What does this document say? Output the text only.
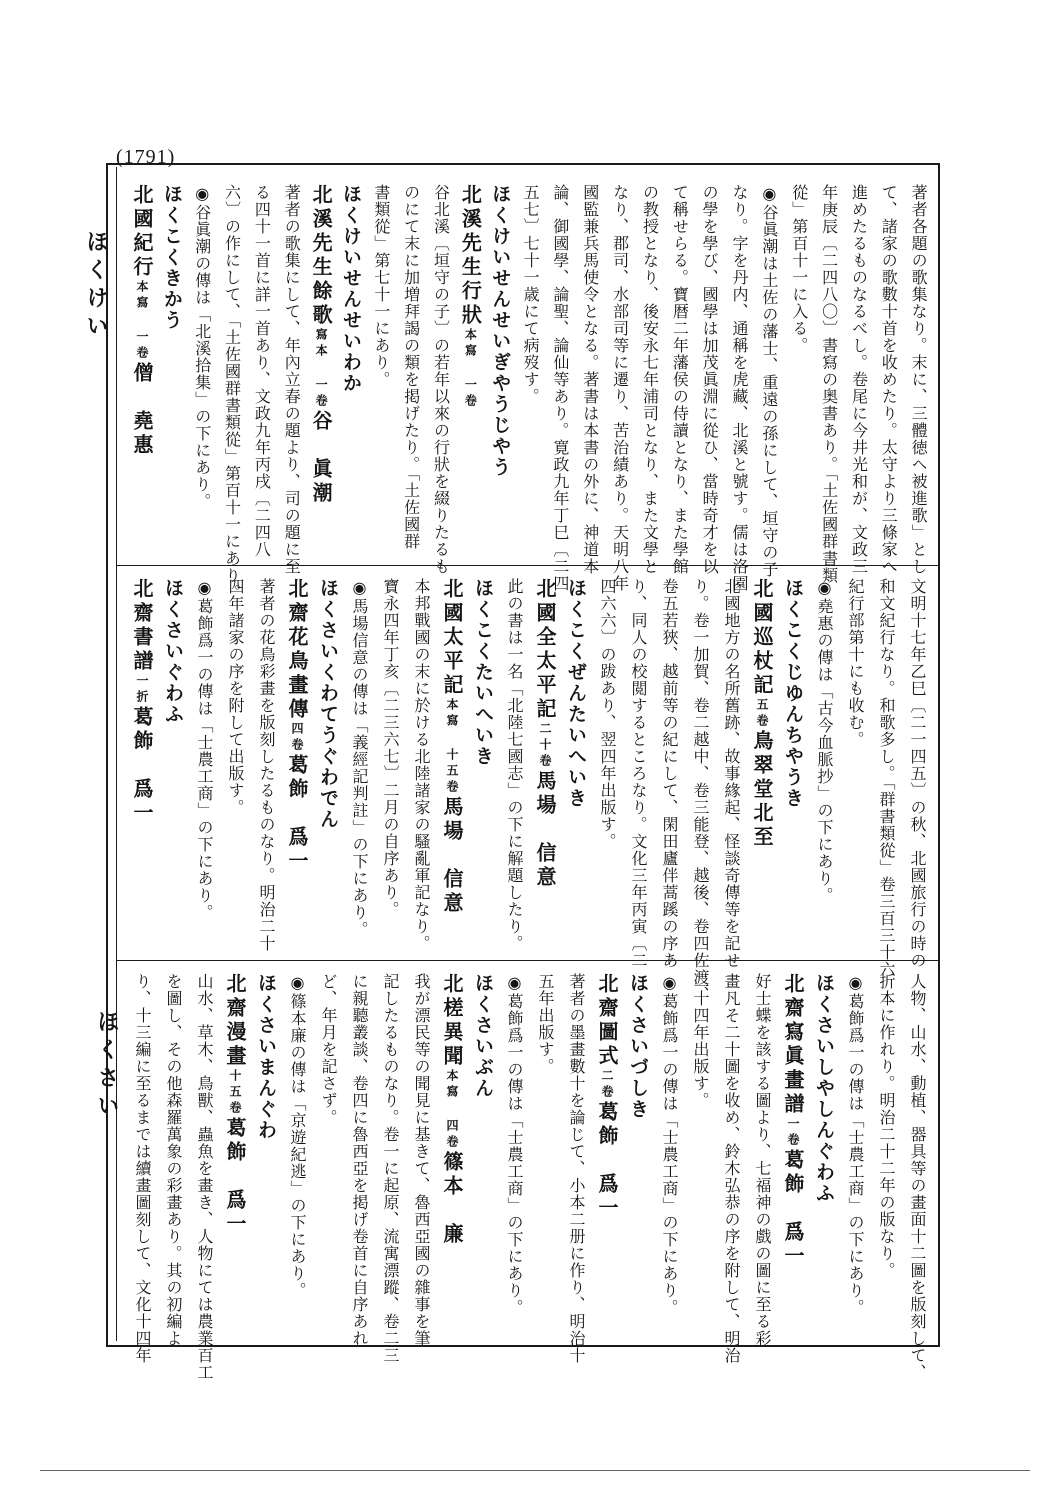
(1791)
ほくけい
ほくさい
著者各題の歌集なり。末に、三體徳ヘ被進歌」とし
て、諸家の歌數十首を收めたり。太守より三條家へ
進めたるものなるべし。卷尾に今井光和が、文政三
年庚辰〔二四八〇〕書寫の奥書あり。「土佐國群書類
從」第百十一に入る。
◉谷眞潮は土佐の藩士、重遠の孫にして、垣守の子
なり。字を丹内、通稱を虎藏、北溪と號す。儒は洛園
の學を學び、國學は加茂眞淵に從ひ、當時奇才を以
て稱せらる。寶暦二年藩侯の侍讀となり、また學館
の教授となり、後安永七年浦司となり、また文學と
なり、郡司、水部司等に遷り、苦治績あり。天明八年
國監兼兵馬使令となる。著書は本書の外に、神道本
論、御國學、論聖、論仙等あり。寛政九年丁巳〔二四
五七〕七十一歳にて病歿す。
ほくけいせんせいぎやうじやう
北溪先生行狀本寫 一卷
谷北溪〔垣守の子〕の若年以來の行狀を綴りたるも
のにて末に加増拜謁の類を掲げたり。「土佐國群
書類從」第七十一にあり。
ほくけいせんせいわか
北溪先生餘歌寫本 一卷谷　眞潮
著者の歌集にして、年內立春の題より、司の題に至
る四十一首に詳一首あり、文政九年丙戌〔二四八
六〕の作にして、「土佐國群書類從」第百十一にあり。
◉谷眞潮の傳は「北溪拾集」の下にあり。
ほくこくきかう
北國紀行本寫 一卷僧　堯惠
文明十七年乙巳〔二一四五〕の秋、北國旅行の時の
和文紀行なり。和歌多し。「群書類從」卷三百三十六
紀行部第十にも收む。
◉堯惠の傳は「古今血脈抄」の下にあり。
ほくこくじゆんちやうき
北國巡杖記五卷鳥翠堂北至
北國地方の名所舊跡、故事緣起、怪談奇傳等を記せ
り。卷一加賀、卷二越中、卷三能登、越後、卷四佐渡、
卷五若狹、越前等の紀にして、閑田廬伴蒿蹊の序あ
り、同人の校閲するところなり。文化三年丙寅〔二
四六六〕の跋あり、翌四年出版す。
ほくこくぜんたいへいき
北國全太平記二十卷馬場　信意
此の書は一名「北陸七國志」の下に解題したり。
ほくこくたいへいき
北國太平記本寫 十五卷馬場　信意
本邦戰國の末に於ける北陸諸家の騷亂軍記なり。
寶永四年丁亥〔二三六七〕二月の自序あり。
◉馬場信意の傳は「義經記判註」の下にあり。
ほくさいくわてうぐわでん
北齋花鳥畫傳四卷葛飾　爲一
著者の花鳥彩畫を版刻したるものなり。明治二十
四年諸家の序を附して出版す。
◉葛飾爲一の傳は「士農工商」の下にあり。
ほくさいぐわふ
北齋書譜一折葛飾　爲一
人物、山水、動植、器具等の畫面十二圖を版刻して、
折本に作れり。明治二十二年の版なり。
◉葛飾爲一の傳は「士農工商」の下にあり。
ほくさいしやしんぐわふ
北齋寫眞畫譜一卷葛飾　爲一
好士蝶を該する圖より、七福神の戲の圖に至る彩
畫凡そ二十圖を收め、鈴木弘恭の序を附して、明治
二十四年出版す。
◉葛飾爲一の傳は「士農工商」の下にあり。
ほくさいづしき
北齋圖式二卷葛飾　爲一
著者の墨畫數十を論じて、小本二册に作り、明治十
五年出版す。
◉葛飾爲一の傳は「士農工商」の下にあり。
ほくさいぶん
北槎異聞本寫 四卷篠本　廉
我が漂民等の聞見に基きて、魯西亞國の雜事を筆
記したるものなり。卷一に起原、流寓漂蹤、卷二三
に親聽叢談、卷四に魯西亞を掲げ卷首に自序あれ
ど、年月を記さず。
◉篠本廉の傳は「京遊紀逃」の下にあり。
ほくさいまんぐわ
北齋漫畫十五卷葛飾　爲一
山水、草木、鳥獸、蟲魚を畫き、人物にては農業百工
を圖し、その他森羅萬象の彩畫あり。其の初編よ
り、十三編に至るまでは續畫圖刻して、文化十四年
